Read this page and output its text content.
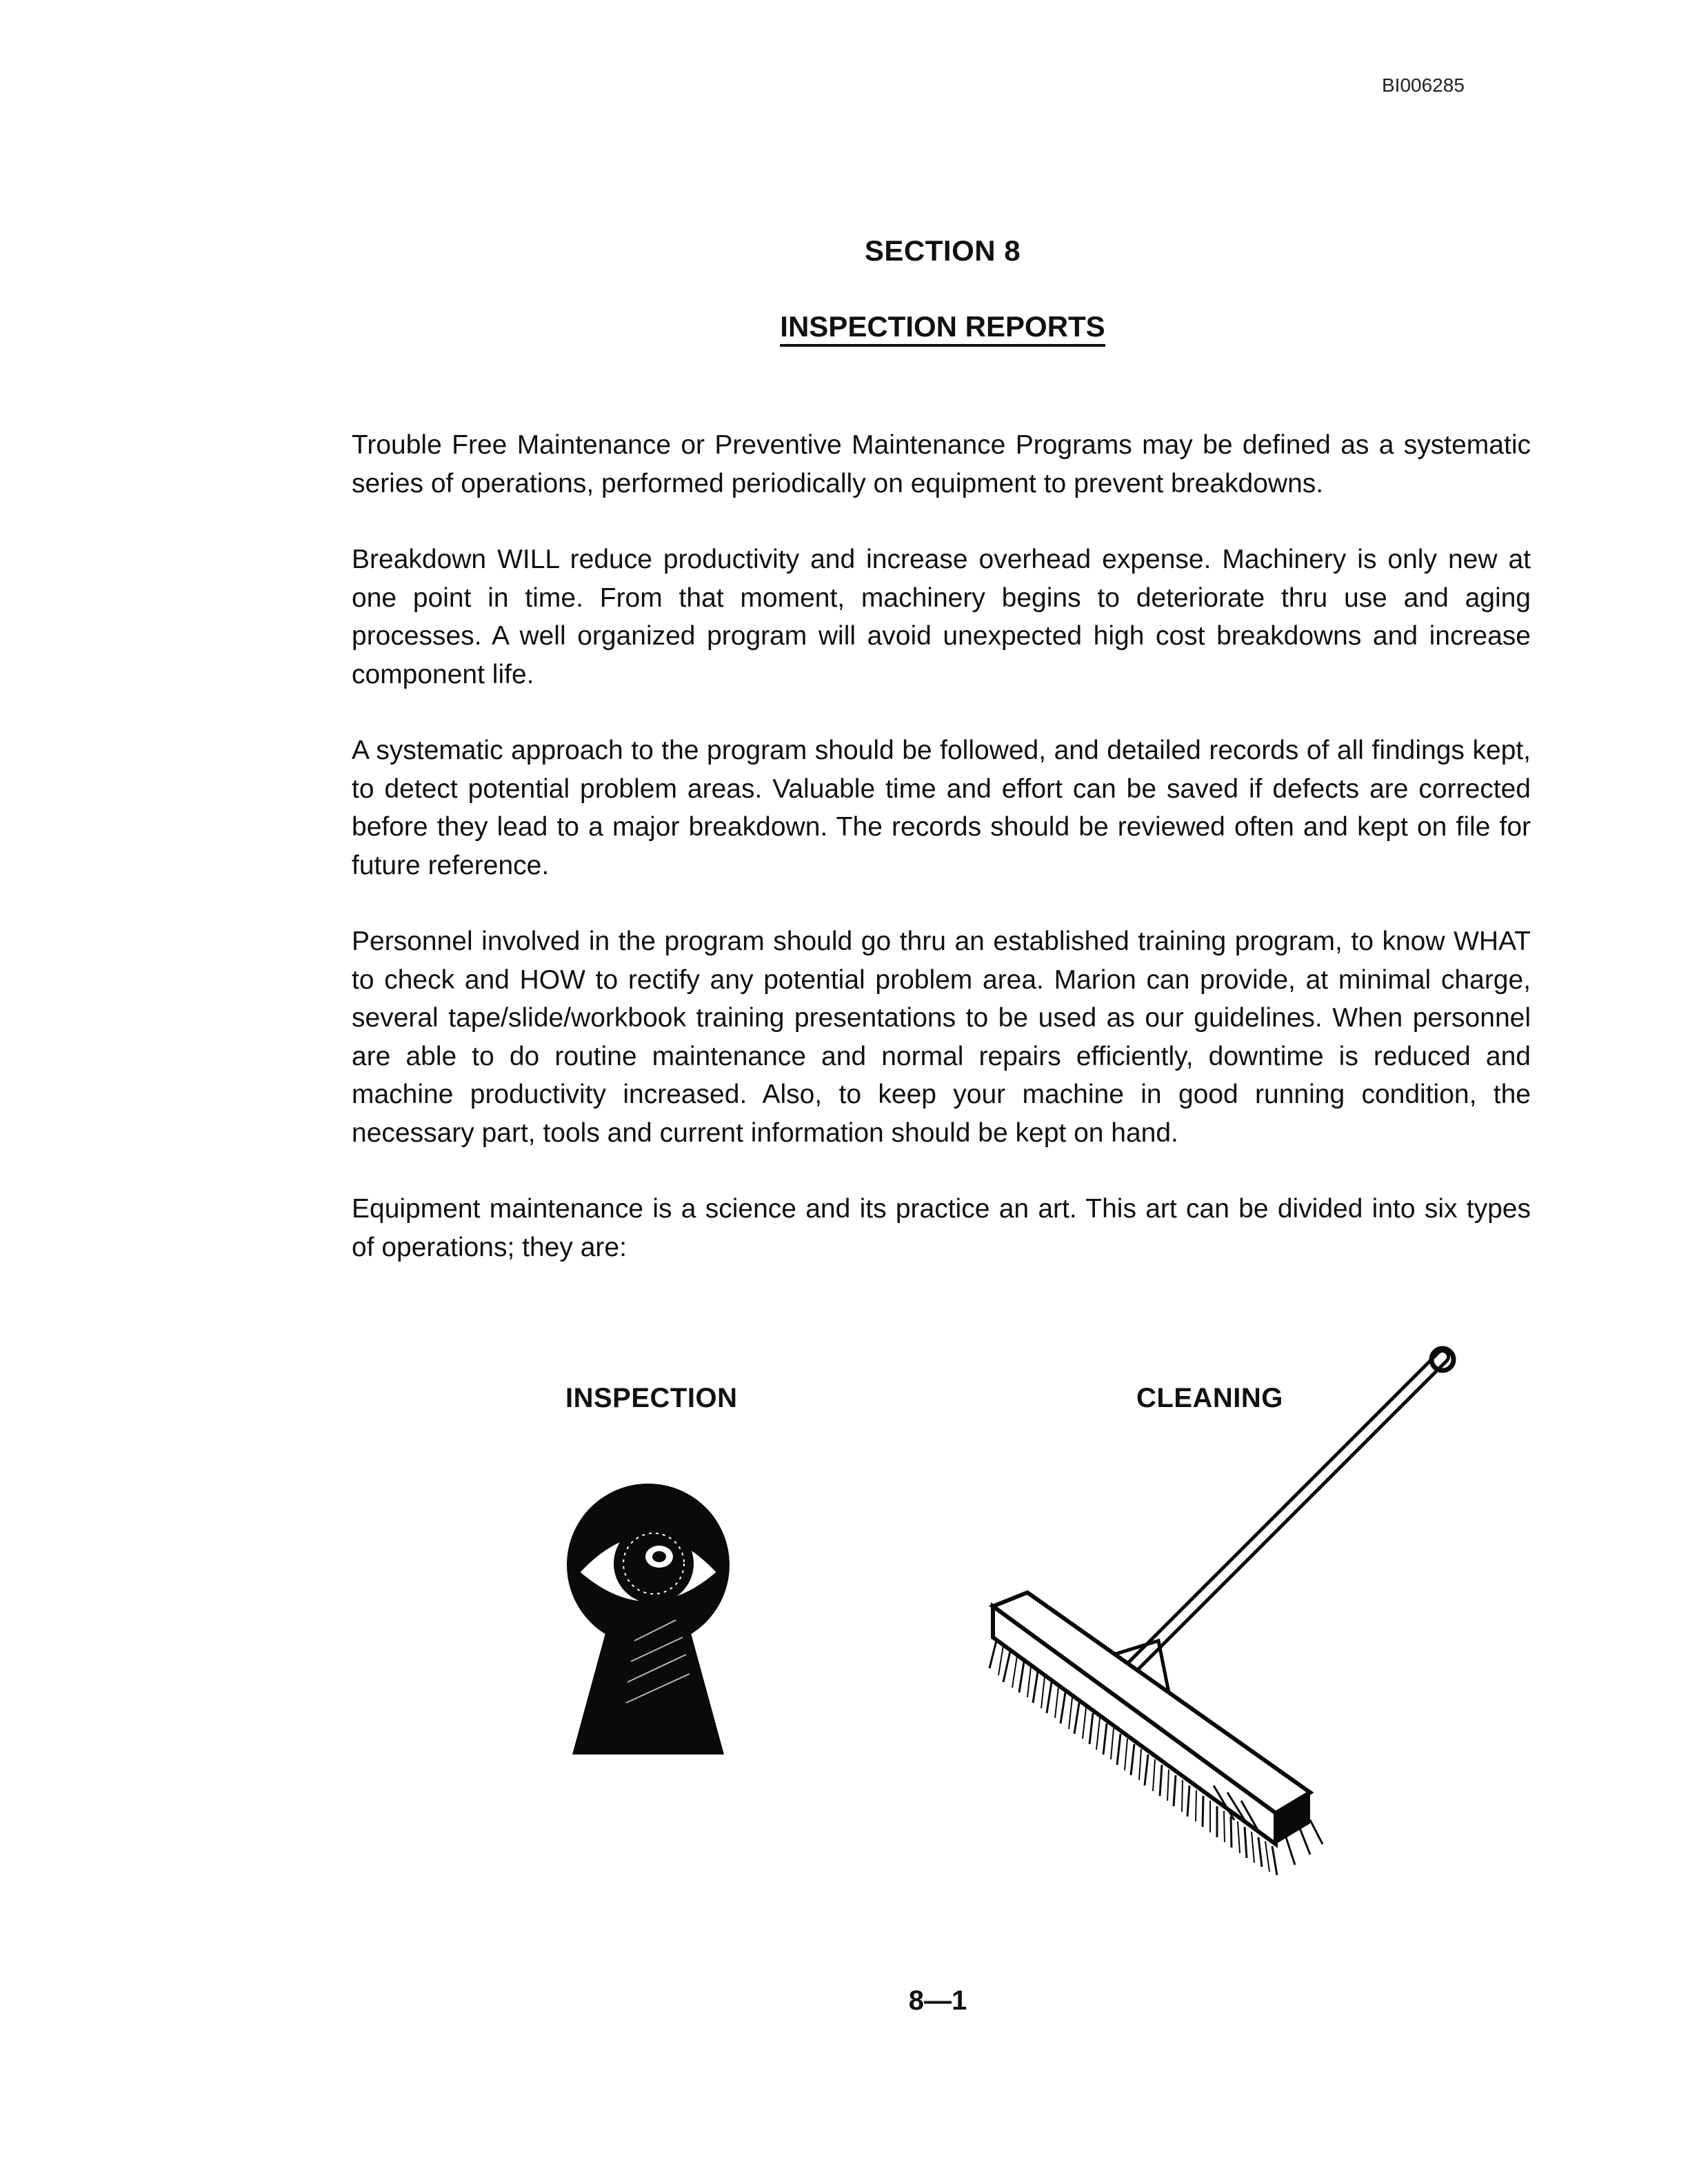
BI006285
SECTION 8
INSPECTION REPORTS

Trouble Free Maintenance or Preventive Maintenance Programs may be defined as a systematic series of operations, performed periodically on equipment to prevent breakdowns.

Breakdown WILL reduce productivity and increase overhead expense. Machinery is only new at one point in time. From that moment, machinery begins to deteriorate thru use and aging processes. A well organized program will avoid unexpected high cost breakdowns and increase component life.

A systematic approach to the program should be followed, and detailed records of all findings kept, to detect potential problem areas. Valuable time and effort can be saved if defects are corrected before they lead to a major breakdown. The records should be reviewed often and kept on file for future reference.

Personnel involved in the program should go thru an established training program, to know WHAT to check and HOW to rectify any potential problem area. Marion can provide, at minimal charge, several tape/slide/workbook training presentations to be used as our guidelines. When personnel are able to do routine maintenance and normal repairs efficiently, downtime is reduced and machine productivity increased. Also, to keep your machine in good running condition, the necessary part, tools and current information should be kept on hand.

Equipment maintenance is a science and its practice an art. This art can be divided into six types of operations; they are:

INSPECTION	CLEANING
8—1
